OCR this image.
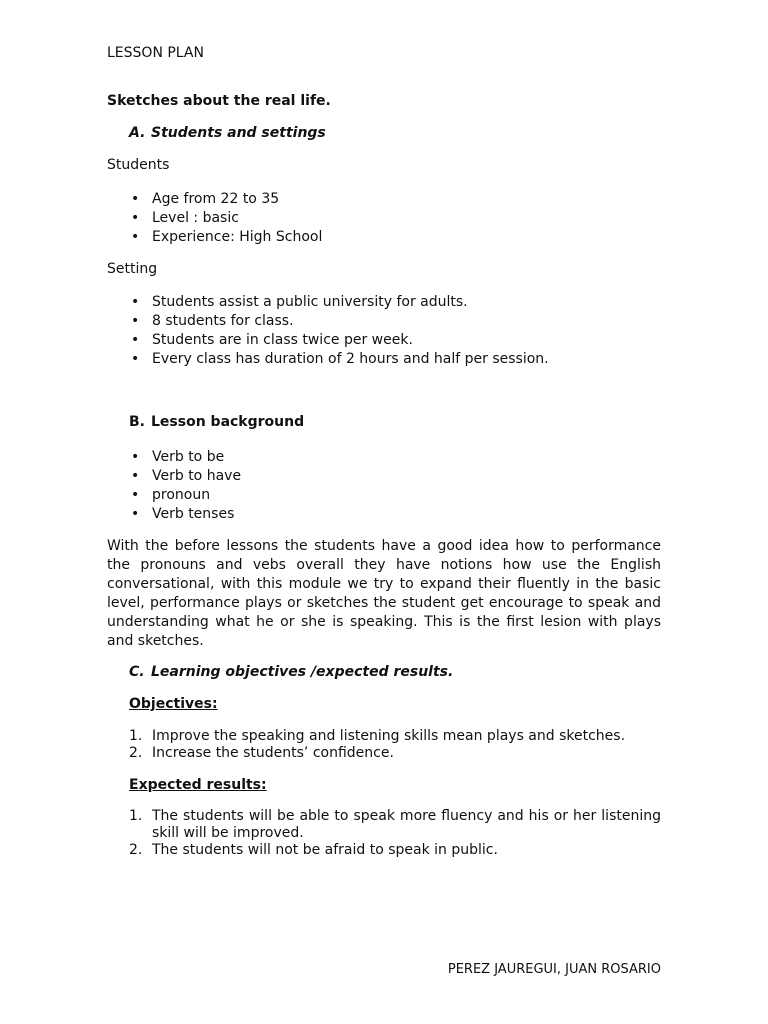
LESSON PLAN
Sketches about the real life.
A. Students and settings
Students
• Age from 22 to 35
• Level : basic
• Experience: High School
Setting
• Students assist a public university for adults.
• 8 students for class.
• Students are in class twice per week.
• Every class has duration of 2 hours and half per session.
B. Lesson background
• Verb to be
• Verb to have
• pronoun
• Verb tenses
With the before lessons the students have a good idea how to performance the pronouns and vebs overall they have notions how use the English conversational, with this module we try to expand their fluently in the basic level, performance plays or sketches the student get encourage to speak and understanding what he or she is speaking. This is the first lesion with plays and sketches.
C. Learning objectives /expected results.
Objectives:
1. Improve the speaking and listening skills mean plays and sketches.
2. Increase the students’ confidence.
Expected results:
1. The students will be able to speak more fluency and his or her listening skill will be improved.
2. The students will not be afraid to speak in public.
PEREZ JAUREGUI, JUAN ROSARIO
